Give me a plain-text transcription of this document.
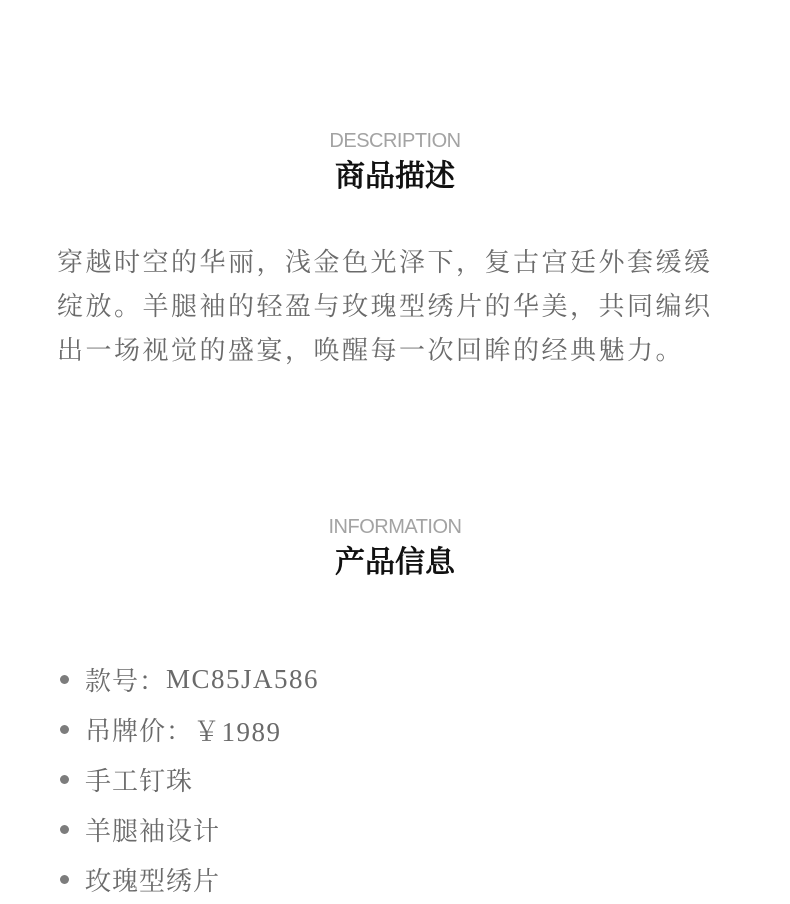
DESCRIPTION
商品描述

穿越时空的华丽，浅金色光泽下，复古宫廷外套缓缓绽放。羊腿袖的轻盈与玫瑰型绣片的华美，共同编织出一场视觉的盛宴，唤醒每一次回眸的经典魅力。

INFORMATION
产品信息
款号： MC85JA586
吊牌价： ￥1989
手工钉珠
羊腿袖设计
玫瑰型绣片
